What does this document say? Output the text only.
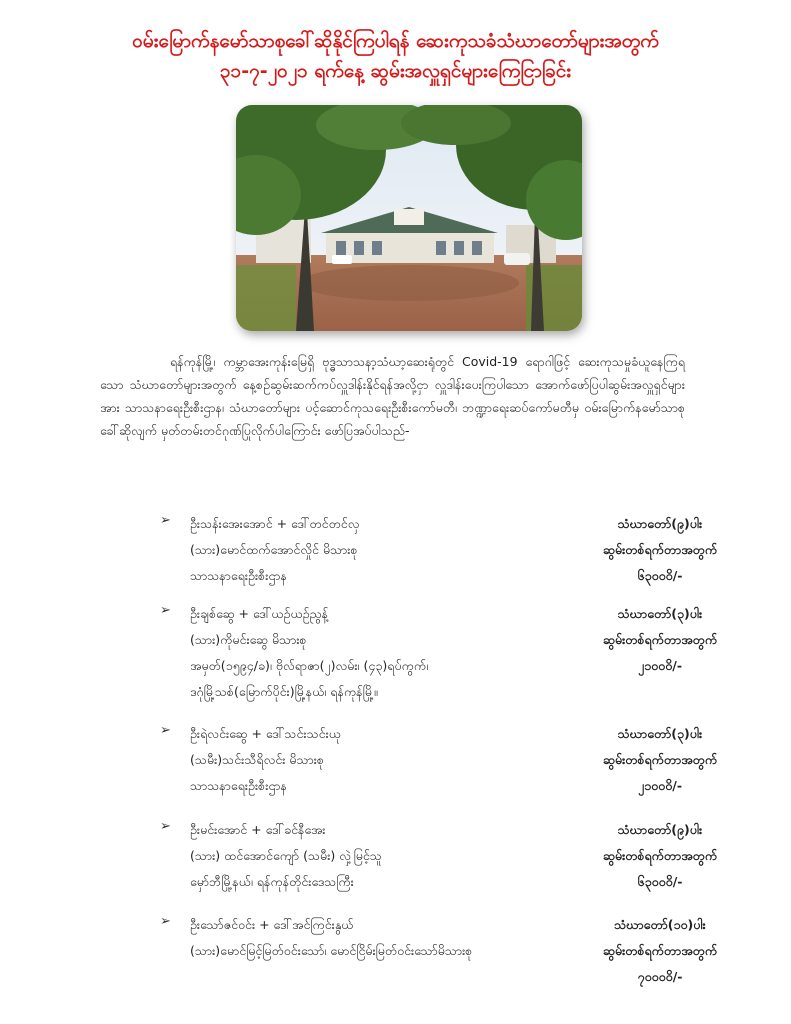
ဝမ်းမြောက်နမော်သာစုခေါ်ဆိုနိုင်ကြပါရန် ဆေးကုသခံသံဃာတော်များအတွက်
၃၁-၇-၂၀၂၁ ရက်နေ့ ဆွမ်းအလှူရှင်များကြေငြာခြင်း

ရန်ကုန်မြို့၊ ကမ္ဘာအေးကုန်းမြေရှိ ဗုဒ္ဓသာသနာ့သံဃာ့ဆေးရုံတွင် Covid-19 ရောဂါဖြင့် ဆေးကုသမှုခံယူနေကြရသော သံဃာတော်များအတွက် နေ့စဉ်ဆွမ်းဆက်ကပ်လှူဒါန်းနိုင်ရန်အလို့ငှာ လှူဒါန်းပေးကြပါသော အောက်ဖော်ပြပါဆွမ်းအလှူရှင်များအား သာသနာရေးဦးစီးဌာန၊ သံဃာတော်များ ပင့်ဆောင်ကုသရေးဦးစီးကော်မတီ၊ ဘဏ္ဍာရေးဆပ်ကော်မတီမှ ဝမ်းမြောက်နမော်သာစုခေါ်ဆိုလျက် မှတ်တမ်းတင်ဂုဏ်ပြုလိုက်ပါကြောင်း ဖော်ပြအပ်ပါသည်-

➢ ဦးသန်းအေးအောင် + ဒေါ်တင်တင်လှ
(သား)မောင်ထက်အောင်လှိုင် မိသားစု
သာသနာရေးဦးစီးဌာန
သံဃာတော်(၉)ပါး
ဆွမ်းတစ်ရက်တာအတွက်
၆၃၀၀၀ိ/-
➢ ဦးချစ်ဆွေ + ဒေါ်ယဉ်ယဉ်ညွန့်
(သား)ကိုမင်းဆွေ မိသားစု
အမှတ်(၁၅၉၄/ခ)၊ ဗိုလ်ရာဇာ(၂)လမ်း၊ (၄၃)ရပ်ကွက်၊
ဒဂုံမြို့သစ်(မြောက်ပိုင်း)မြို့နယ်၊ ရန်ကုန်မြို့။
သံဃာတော်(၃)ပါး
ဆွမ်းတစ်ရက်တာအတွက်
၂၁၀၀၀ိ/-
➢ ဦးရဲလင်းဆွေ + ဒေါ်သင်းသင်းယု
(သမီး)သင်းသီရိလင်း မိသားစု
သာသနာရေးဦးစီးဌာန
သံဃာတော်(၃)ပါး
ဆွမ်းတစ်ရက်တာအတွက်
၂၁၀၀၀ိ/-
➢ ဦးမင်းအောင် + ဒေါ်ခင်နီအေး
(သား) ထင်အောင်ကျော် (သမီး) လှဲ့မြင့်သူ
မှော်ဘီမြို့နယ်၊ ရန်ကုန်တိုင်းဒေသကြီး
သံဃာတော်(၉)ပါး
ဆွမ်းတစ်ရက်တာအတွက်
၆၃၀၀၀ိ/-
➢ ဦးသော်ဇင်ဝင်း + ဒေါ်အင်ကြင်းနွယ်
(သား)မောင်မြင့်မြတ်ဝင်းသော်၊ မောင်ငြိမ်းမြတ်ဝင်းသော်မိသားစု
သံဃာတော်(၁၀)ပါး
ဆွမ်းတစ်ရက်တာအတွက်
၇၀၀၀၀ိ/-
